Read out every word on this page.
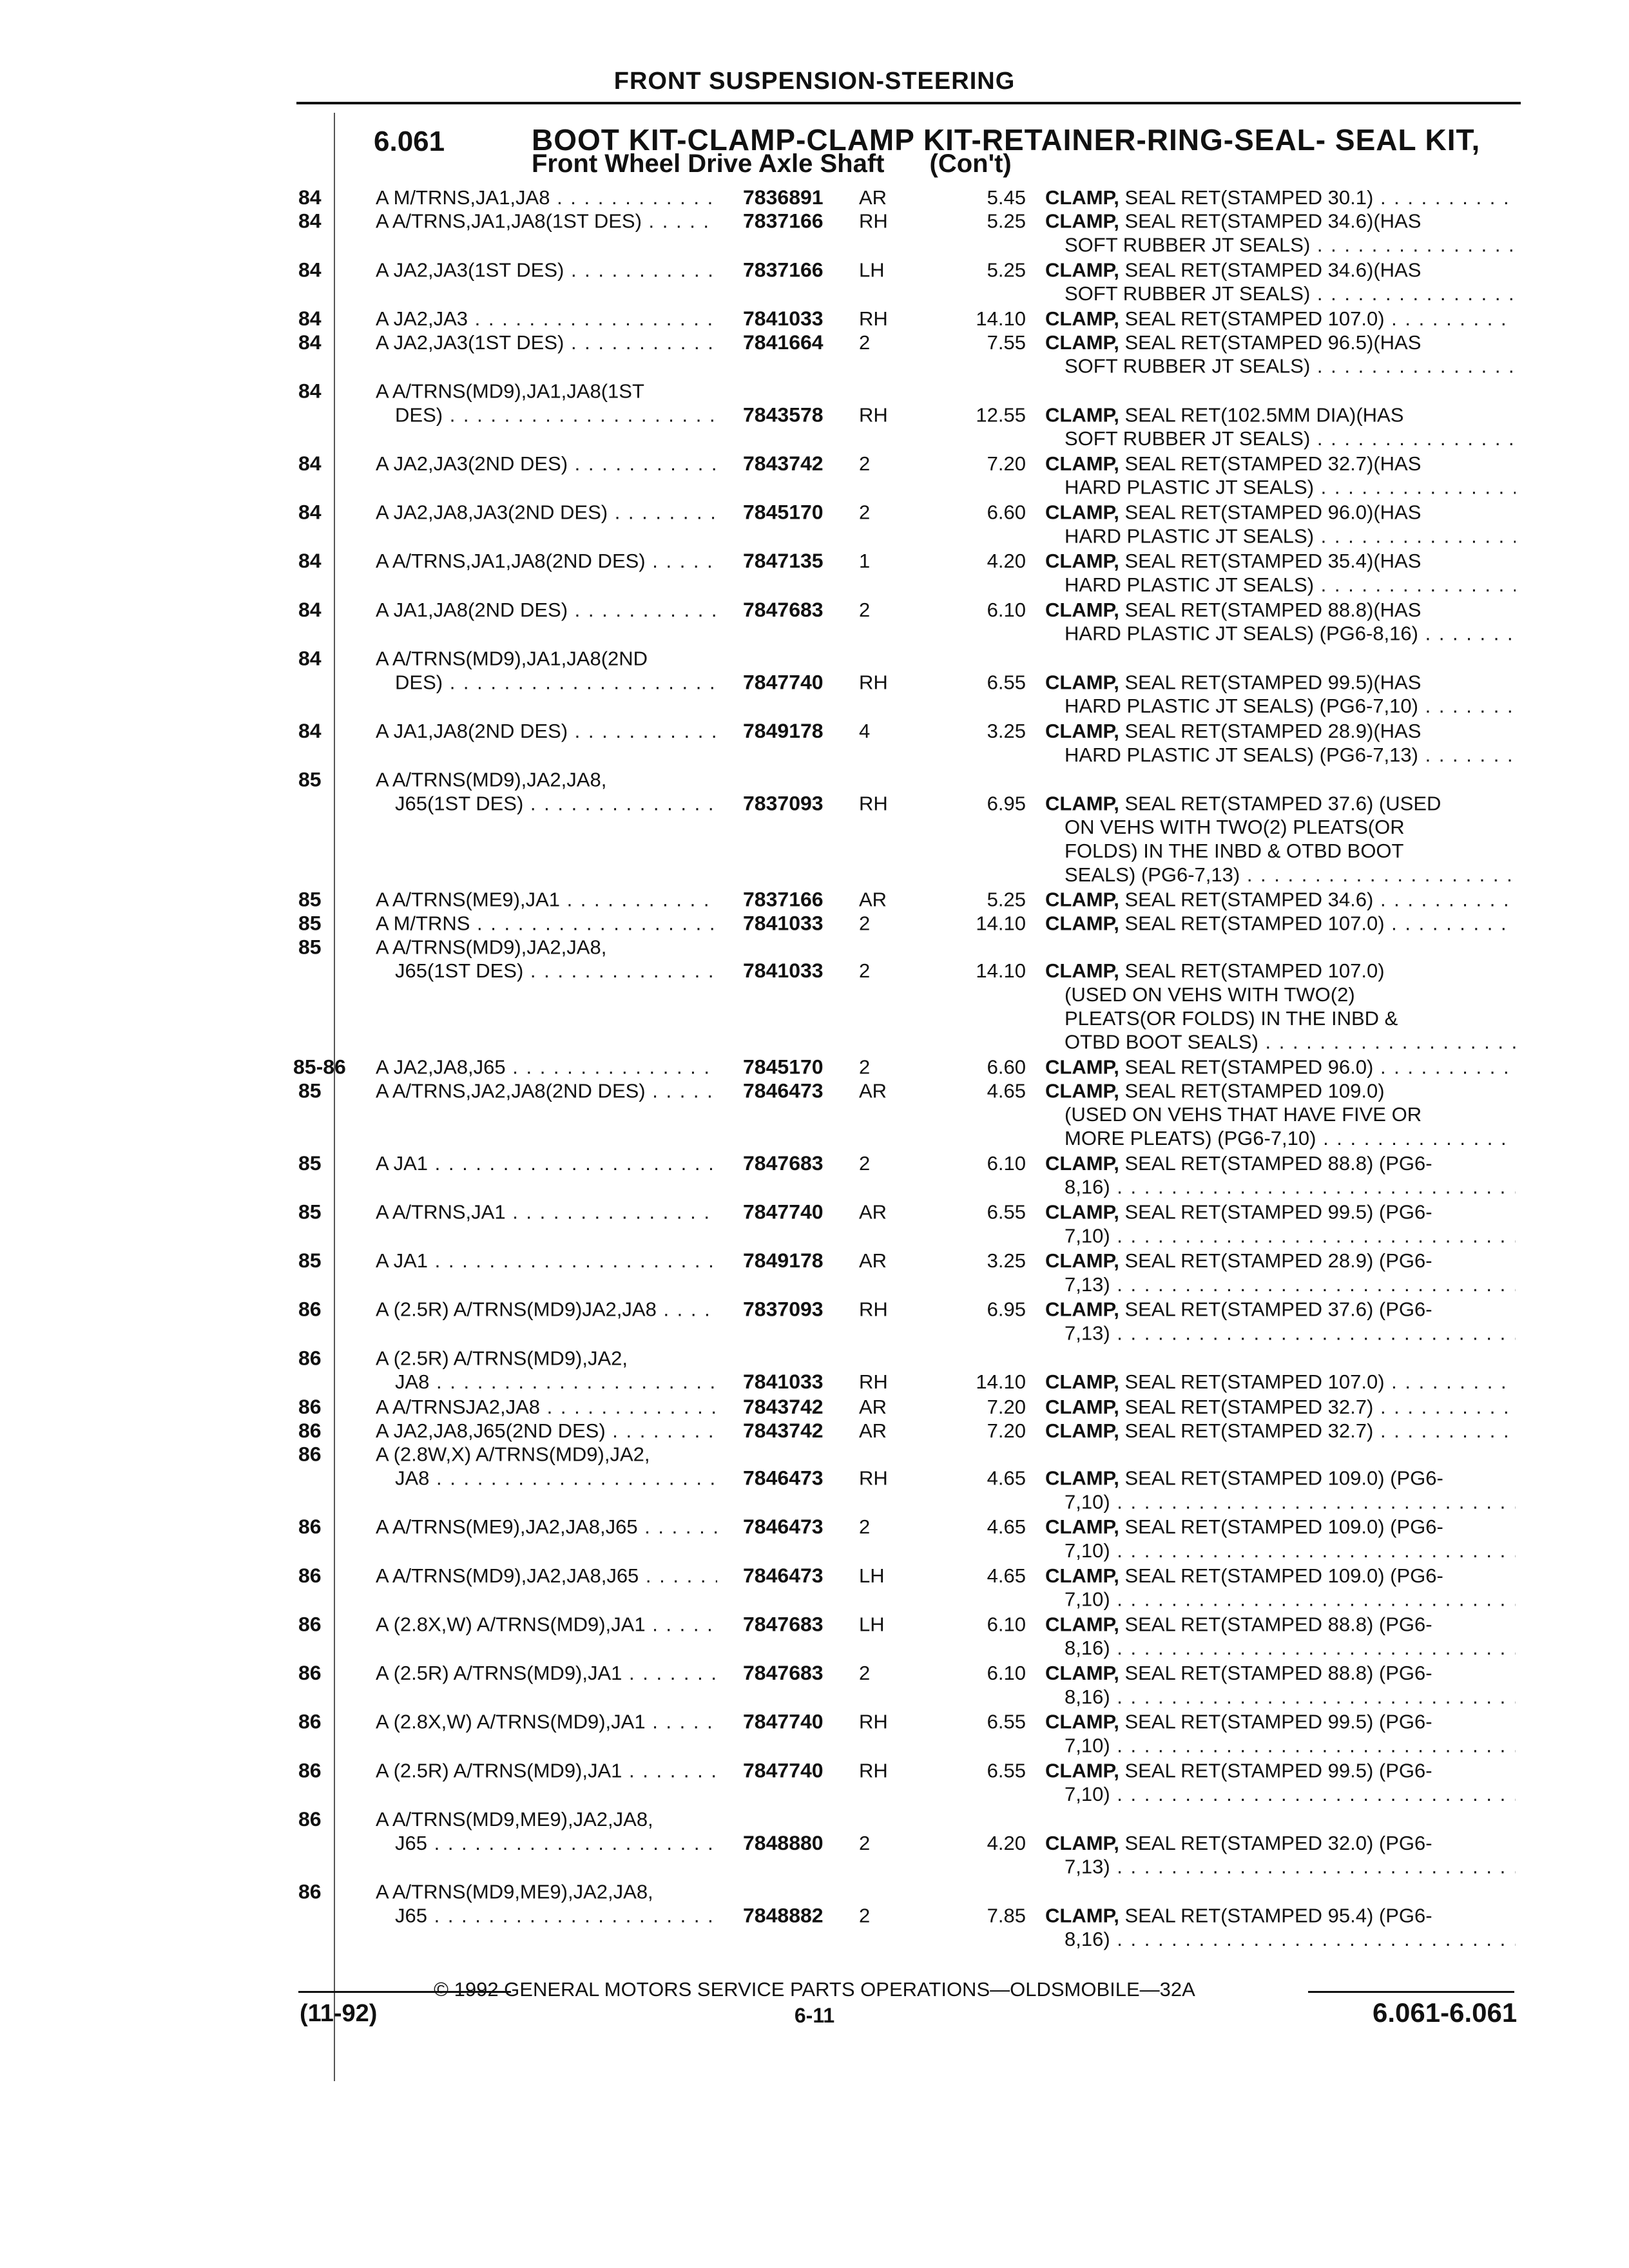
FRONT SUSPENSION-STEERING
6.061	BOOT KIT-CLAMP-CLAMP KIT-RETAINER-RING-SEAL- SEAL KIT,
Front Wheel Drive Axle Shaft (Con't)
84	A M/TRNS,JA1,JA8 . . .	7836891 AR	5.45 CLAMP, SEAL RET(STAMPED 30.1) . . .
84	A A/TRNS,JA1,JA8(1ST DES) . . .	7837166 RH	5.25 CLAMP, SEAL RET(STAMPED 34.6)(HAS
SOFT RUBBER JT SEALS) . . .
84	A JA2,JA3(1ST DES) . . .	7837166 LH	5.25 CLAMP, SEAL RET(STAMPED 34.6)(HAS
SOFT RUBBER JT SEALS) . . .
84	A JA2,JA3 . . .	7841033 RH	14.10 CLAMP, SEAL RET(STAMPED 107.0) . . .
84	A JA2,JA3(1ST DES) . . .	7841664 2	7.55 CLAMP, SEAL RET(STAMPED 96.5)(HAS
SOFT RUBBER JT SEALS) . . .
84	A A/TRNS(MD9),JA1,JA8(1ST
DES) . . .	7843578 RH	12.55 CLAMP, SEAL RET(102.5MM DIA)(HAS
SOFT RUBBER JT SEALS) . . .
84	A JA2,JA3(2ND DES) . . .	7843742 2	7.20 CLAMP, SEAL RET(STAMPED 32.7)(HAS
HARD PLASTIC JT SEALS) . . .
84	A JA2,JA8,JA3(2ND DES) . . .	7845170 2	6.60 CLAMP, SEAL RET(STAMPED 96.0)(HAS
HARD PLASTIC JT SEALS) . . .
84	A A/TRNS,JA1,JA8(2ND DES) . . .	7847135 1	4.20 CLAMP, SEAL RET(STAMPED 35.4)(HAS
HARD PLASTIC JT SEALS) . . .
84	A JA1,JA8(2ND DES) . . .	7847683 2	6.10 CLAMP, SEAL RET(STAMPED 88.8)(HAS
HARD PLASTIC JT SEALS) (PG6-8,16) . . .
84	A A/TRNS(MD9),JA1,JA8(2ND
DES) . . .	7847740 RH	6.55 CLAMP, SEAL RET(STAMPED 99.5)(HAS
HARD PLASTIC JT SEALS) (PG6-7,10) . . .
84	A JA1,JA8(2ND DES) . . .	7849178 4	3.25 CLAMP, SEAL RET(STAMPED 28.9)(HAS
HARD PLASTIC JT SEALS) (PG6-7,13) . . .
85	A A/TRNS(MD9),JA2,JA8,
J65(1ST DES) . . .	7837093 RH	6.95 CLAMP, SEAL RET(STAMPED 37.6) (USED
ON VEHS WITH TWO(2) PLEATS(OR
FOLDS) IN THE INBD & OTBD BOOT
SEALS) (PG6-7,13) . . .
85	A A/TRNS(ME9),JA1 . . .	7837166 AR	5.25 CLAMP, SEAL RET(STAMPED 34.6) . . .
85	A M/TRNS . . .	7841033 2	14.10 CLAMP, SEAL RET(STAMPED 107.0) . . .
85	A A/TRNS(MD9),JA2,JA8,
J65(1ST DES) . . .	7841033 2	14.10 CLAMP, SEAL RET(STAMPED 107.0)
(USED ON VEHS WITH TWO(2)
PLEATS(OR FOLDS) IN THE INBD &
OTBD BOOT SEALS) . . .
85-86 A JA2,JA8,J65 . . .	7845170 2	6.60 CLAMP, SEAL RET(STAMPED 96.0) . . .
85	A A/TRNS,JA2,JA8(2ND DES) . . .	7846473 AR	4.65 CLAMP, SEAL RET(STAMPED 109.0)
(USED ON VEHS THAT HAVE FIVE OR
MORE PLEATS) (PG6-7,10) . . .
85	A JA1 . . .	7847683 2	6.10 CLAMP, SEAL RET(STAMPED 88.8) (PG6-
8,16) . . .
85	A A/TRNS,JA1 . . .	7847740 AR	6.55 CLAMP, SEAL RET(STAMPED 99.5) (PG6-
7,10) . . .
85	A JA1 . . .	7849178 AR	3.25 CLAMP, SEAL RET(STAMPED 28.9) (PG6-
7,13) . . .
86	A (2.5R) A/TRNS(MD9)JA2,JA8 . . .	7837093 RH	6.95 CLAMP, SEAL RET(STAMPED 37.6) (PG6-
7,13) . . .
86	A (2.5R) A/TRNS(MD9),JA2,
JA8 . . .	7841033 RH	14.10 CLAMP, SEAL RET(STAMPED 107.0) . . .
86	A A/TRNSJA2,JA8 . . .	7843742 AR	7.20 CLAMP, SEAL RET(STAMPED 32.7) . . .
86	A JA2,JA8,J65(2ND DES) . . .	7843742 AR	7.20 CLAMP, SEAL RET(STAMPED 32.7) . . .
86	A (2.8W,X) A/TRNS(MD9),JA2,
JA8 . . .	7846473 RH	4.65 CLAMP, SEAL RET(STAMPED 109.0) (PG6-
7,10) . . .
86	A A/TRNS(ME9),JA2,JA8,J65 . . .	7846473 2	4.65 CLAMP, SEAL RET(STAMPED 109.0) (PG6-
7,10) . . .
86	A A/TRNS(MD9),JA2,JA8,J65 . . .	7846473 LH	4.65 CLAMP, SEAL RET(STAMPED 109.0) (PG6-
7,10) . . .
86	A (2.8X,W) A/TRNS(MD9),JA1 . . .	7847683 LH	6.10 CLAMP, SEAL RET(STAMPED 88.8) (PG6-
8,16) . . .
86	A (2.5R) A/TRNS(MD9),JA1 . . .	7847683 2	6.10 CLAMP, SEAL RET(STAMPED 88.8) (PG6-
8,16) . . .
86	A (2.8X,W) A/TRNS(MD9),JA1 . . .	7847740 RH	6.55 CLAMP, SEAL RET(STAMPED 99.5) (PG6-
7,10) . . .
86	A (2.5R) A/TRNS(MD9),JA1 . . .	7847740 RH	6.55 CLAMP, SEAL RET(STAMPED 99.5) (PG6-
7,10) . . .
86	A A/TRNS(MD9,ME9),JA2,JA8,
J65 . . .	7848880 2	4.20 CLAMP, SEAL RET(STAMPED 32.0) (PG6-
7,13) . . .
86	A A/TRNS(MD9,ME9),JA2,JA8,
J65 . . .	7848882 2	7.85 CLAMP, SEAL RET(STAMPED 95.4) (PG6-
8,16) . . .
© 1992 GENERAL MOTORS SERVICE PARTS OPERATIONS—OLDSMOBILE—32A
(11-92)	6-11	6.061-6.061
